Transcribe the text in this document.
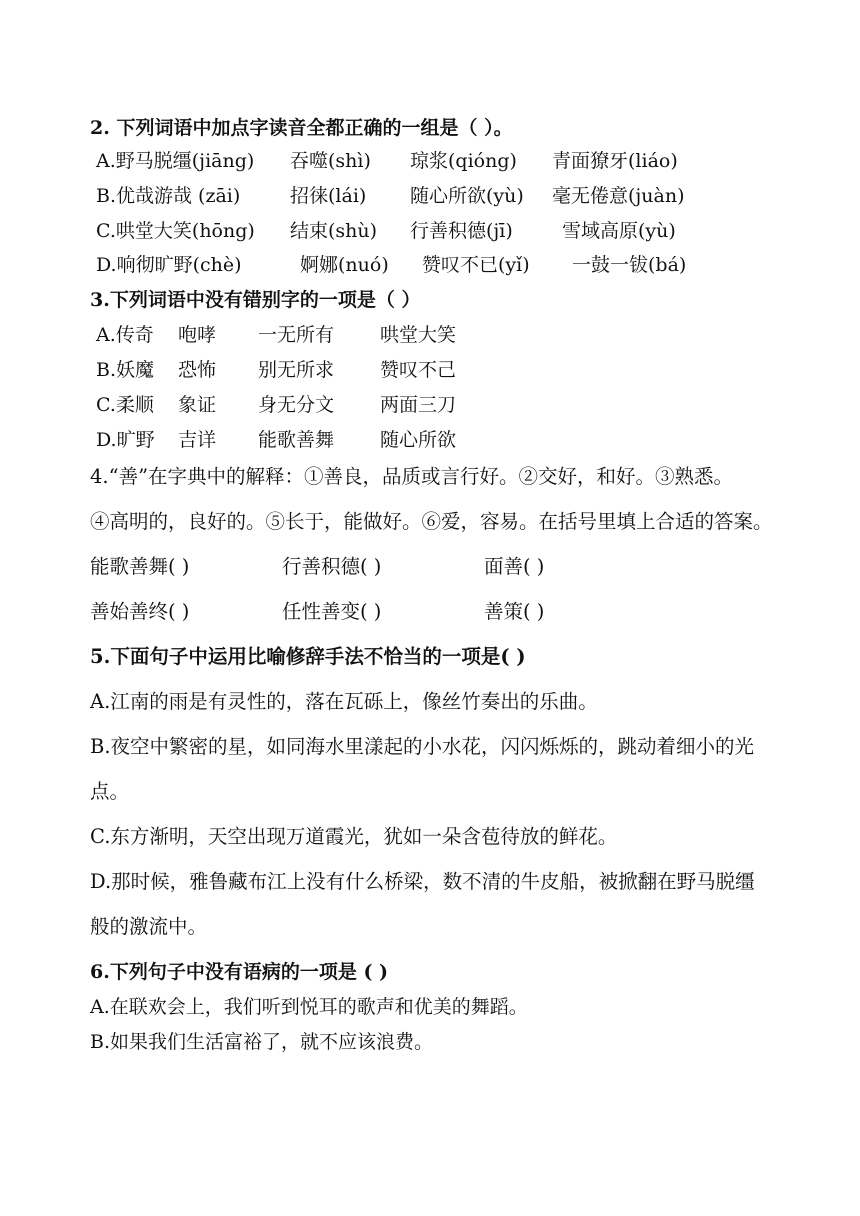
2. 下列词语中加点字读音全都正确的一组是（ ）。
A.野马脱缰(jiāng) 吞噬(shì) 琼浆(qióng) 青面獠牙(liáo)
B.优哉游哉 (zāi)	招徕(lái) 随心所欲(yù) 毫无倦意(juàn)
C.哄堂大笑(hōng) 结束(shù) 行善积德(jī)	雪域高原(yù)
D.响彻旷野(chè)	婀娜(nuó) 赞叹不已(yǐ) 一鼓一钹(bá)
3.下列词语中没有错别字的一项是（ ）
A.传奇 咆哮 一无所有 哄堂大笑
B.妖魔 恐怖 别无所求 赞叹不己
C.柔顺 象证 身无分文 两面三刀
D.旷野 吉详 能歌善舞 随心所欲
4.“善”在字典中的解释：①善良，品质或言行好。②交好，和好。③熟悉。
④高明的，良好的。⑤长于，能做好。⑥爱，容易。在括号里填上合适的答案。
能歌善舞( )	行善积德( )	面善( )
善始善终( )	任性善变( )	善策( )
5.下面句子中运用比喻修辞手法不恰当的一项是( )
A.江南的雨是有灵性的，落在瓦砾上，像丝竹奏出的乐曲。
B.夜空中繁密的星，如同海水里漾起的小水花，闪闪烁烁的，跳动着细小的光
点。
C.东方渐明，天空出现万道霞光，犹如一朵含苞待放的鲜花。
D.那时候，雅鲁藏布江上没有什么桥梁，数不清的牛皮船，被掀翻在野马脱缰
般的激流中。
6.下列句子中没有语病的一项是 ( )
A.在联欢会上，我们听到悦耳的歌声和优美的舞蹈。
B.如果我们生活富裕了，就不应该浪费。
